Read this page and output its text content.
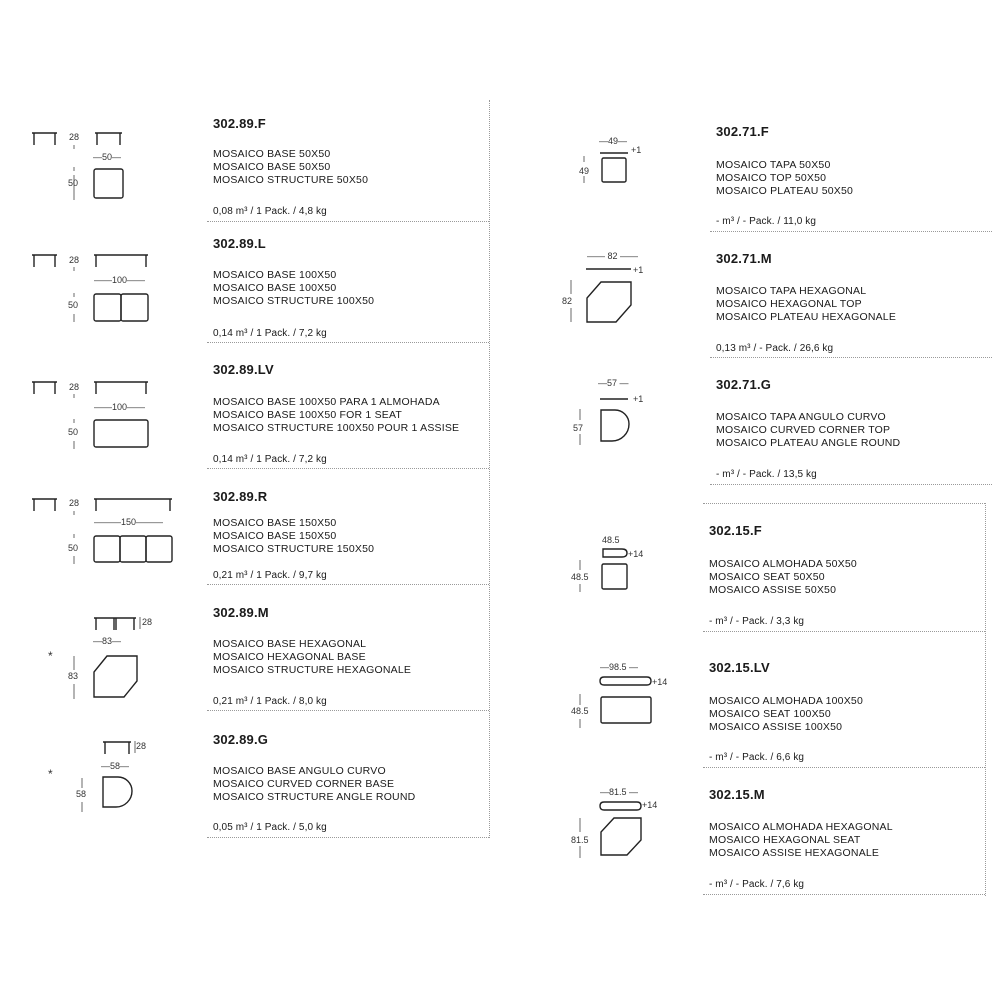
302.89.F
MOSAICO BASE 50X50
MOSAICO BASE 50X50
MOSAICO STRUCTURE 50X50
0,08 m³ / 1 Pack. / 4,8 kg
28
—50—
50
302.89.L
MOSAICO BASE 100X50
MOSAICO BASE 100X50
MOSAICO STRUCTURE 100X50
0,14 m³ / 1 Pack. / 7,2 kg
28
——100——
50
302.89.LV
MOSAICO BASE 100X50 PARA 1 ALMOHADA
MOSAICO BASE 100X50 FOR 1 SEAT
MOSAICO STRUCTURE 100X50 POUR 1 ASSISE
0,14 m³ / 1 Pack. / 7,2 kg
28
——100——
50
302.89.R
MOSAICO BASE 150X50
MOSAICO BASE 150X50
MOSAICO STRUCTURE 150X50
0,21 m³ / 1 Pack. / 9,7 kg
28
———150———
50
302.89.M
MOSAICO BASE HEXAGONAL
MOSAICO HEXAGONAL BASE
MOSAICO STRUCTURE HEXAGONALE
0,21 m³ / 1 Pack. / 8,0 kg
28
—83—
83
*
302.89.G
MOSAICO BASE ANGULO CURVO
MOSAICO CURVED CORNER BASE
MOSAICO STRUCTURE ANGLE ROUND
0,05 m³ / 1 Pack. / 5,0 kg
28
—58—
58
*
302.71.F
MOSAICO TAPA 50X50
MOSAICO TOP 50X50
MOSAICO PLATEAU 50X50
- m³ / - Pack. / 11,0 kg
—49—
+1
49
302.71.M
MOSAICO TAPA HEXAGONAL
MOSAICO HEXAGONAL TOP
MOSAICO PLATEAU HEXAGONALE
0,13 m³ / - Pack. / 26,6 kg
—— 82 ——
+1
82
302.71.G
MOSAICO TAPA ANGULO CURVO
MOSAICO CURVED CORNER TOP
MOSAICO PLATEAU ANGLE ROUND
- m³ / - Pack. / 13,5 kg
—57 —
+1
57
302.15.F
MOSAICO ALMOHADA 50X50
MOSAICO SEAT 50X50
MOSAICO ASSISE 50X50
- m³ / - Pack. / 3,3 kg
48.5
+14
48.5
302.15.LV
MOSAICO ALMOHADA 100X50
MOSAICO SEAT 100X50
MOSAICO ASSISE 100X50
- m³ / - Pack. / 6,6 kg
—98.5 —
+14
48.5
302.15.M
MOSAICO ALMOHADA HEXAGONAL
MOSAICO HEXAGONAL SEAT
MOSAICO ASSISE HEXAGONALE
- m³ / - Pack. / 7,6 kg
—81.5 —
+14
81.5
